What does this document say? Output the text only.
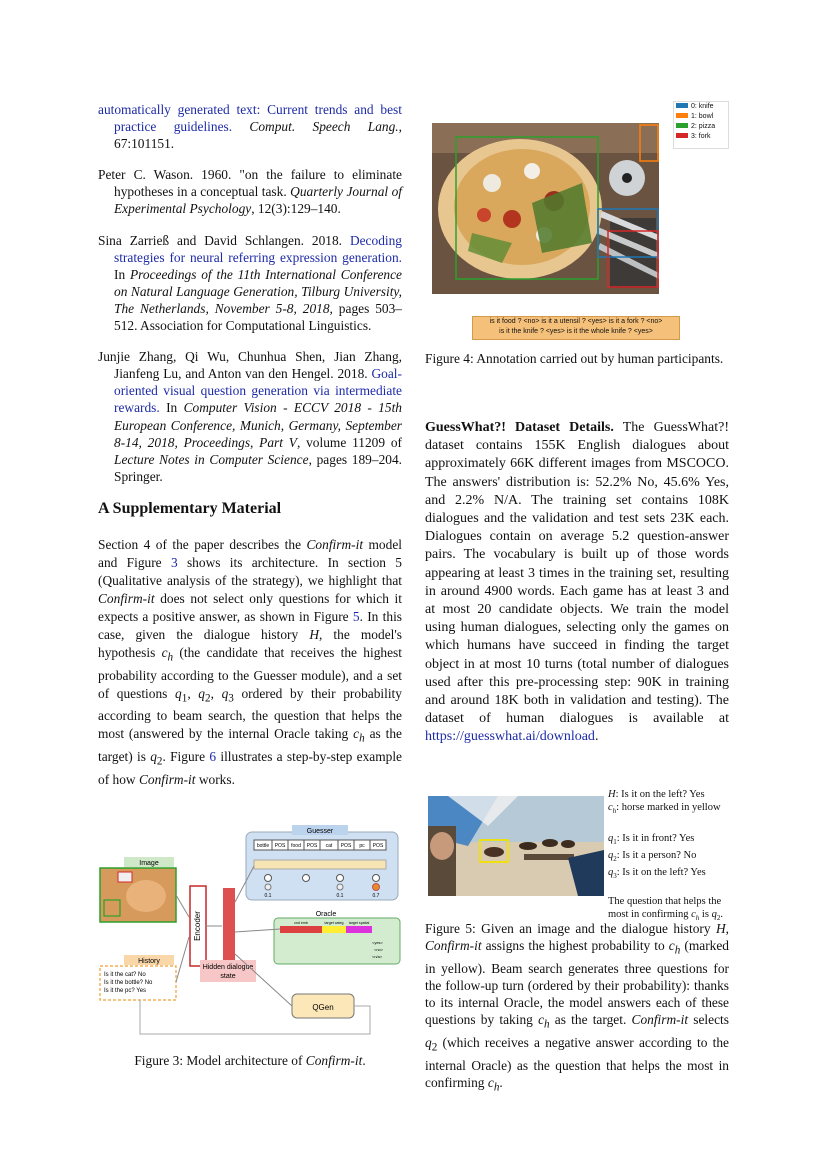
automatically generated text: Current trends and best practice guidelines. Comput. Speech Lang., 67:101151.
Peter C. Wason. 1960. "on the failure to eliminate hypotheses in a conceptual task. Quarterly Journal of Experimental Psychology, 12(3):129–140.
Sina Zarrieß and David Schlangen. 2018. Decoding strategies for neural referring expression generation. In Proceedings of the 11th International Conference on Natural Language Generation, Tilburg University, The Netherlands, November 5-8, 2018, pages 503–512. Association for Computational Linguistics.
Junjie Zhang, Qi Wu, Chunhua Shen, Jian Zhang, Jianfeng Lu, and Anton van den Hengel. 2018. Goal-oriented visual question generation via intermediate rewards. In Computer Vision - ECCV 2018 - 15th European Conference, Munich, Germany, September 8-14, 2018, Proceedings, Part V, volume 11209 of Lecture Notes in Computer Science, pages 189–204. Springer.
A Supplementary Material
Section 4 of the paper describes the Confirm-it model and Figure 3 shows its architecture. In section 5 (Qualitative analysis of the strategy), we highlight that Confirm-it does not select only questions for which it expects a positive answer, as shown in Figure 5. In this case, given the dialogue history H, the model's hypothesis $c_h$ (the candidate that receives the highest probability according to the Guesser module), and a set of questions $q_1$, $q_2$, $q_3$ ordered by their probability according to beam search, the question that helps the most (answered by the internal Oracle taking $c_h$ as the target) is $q_2$. Figure 6 illustrates a step-by-step example of how Confirm-it works.
Image
History
Is it the cat? No
Is it the bottle? No
Is it the pc? Yes
Encoder
Hidden dialogue
state
Guesser
bottle POS food POS cat POS pc POS
0.1	0.1	0.7
Oracle
cnd emb	target categ target spatial
<yes>
<no>
<n/a>
QGen
Figure 3: Model architecture of Confirm-it.
0: knife
1: bowl
2: pizza
3: fork
is it food ? <no> is it a utensil ? <yes> is it a fork ? <no>
is it the knife ? <yes> is it the whole knife ? <yes>
Figure 4: Annotation carried out by human participants.
GuessWhat?! Dataset Details. The GuessWhat?! dataset contains 155K English dialogues about approximately 66K different images from MSCOCO. The answers' distribution is: 52.2% No, 45.6% Yes, and 2.2% N/A. The training set contains 108K dialogues and the validation and test sets 23K each. Dialogues contain on average 5.2 question-answer pairs. The vocabulary is built up of those words appearing at least 3 times in the training set, resulting in around 4900 words. Each game has at least 3 and at most 20 candidate objects. We train the model using human dialogues, selecting only the games on which humans have succeed in finding the target object in at most 10 turns (total number of dialogues used after this pre-processing step: 90K in training and around 18K both in validation and testing). The dataset of human dialogues is available at https://guesswhat.ai/download.
H: Is it on the left? Yes
$c_h$: horse marked in yellow
$q_1$: Is it in front? Yes
$q_2$: Is it a person? No
$q_3$: Is it on the left? Yes
The question that helps the
most in confirming $c_h$ is $q_2$.
Figure 5: Given an image and the dialogue history H, Confirm-it assigns the highest probability to $c_h$ (marked in yellow). Beam search generates three questions for the follow-up turn (ordered by their probability): thanks to its internal Oracle, the model answers each of these questions by taking $c_h$ as the target. Confirm-it selects $q_2$ (which receives a negative answer according to the internal Oracle) as the question that helps the most in confirming $c_h$.
